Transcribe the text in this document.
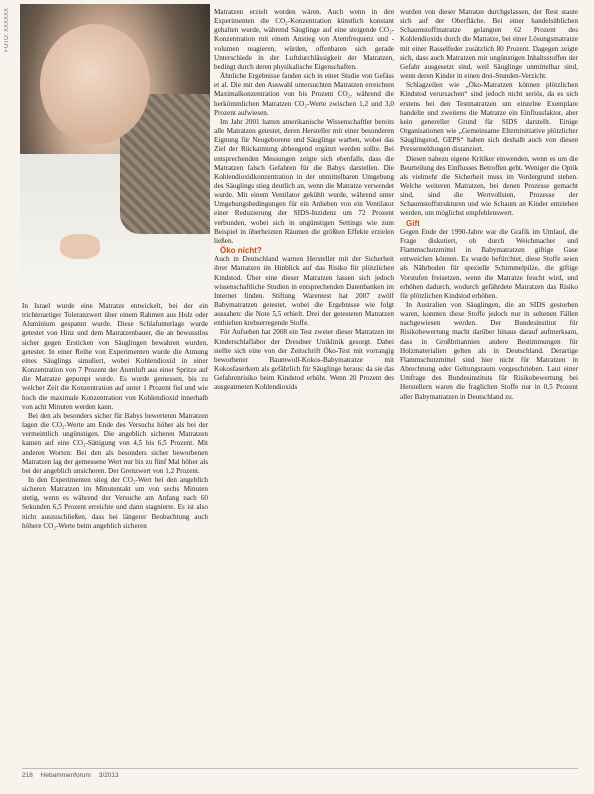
FOTO: XXXXXX

In Israel wurde eine Matratze entwickelt, bei der ein trichterartiger Toleranzwert über einem Rahmen aus Holz oder Aluminium gespannt wurde. Diese Schlafunterlage wurde getestet von Hinz und dem Matratzenbauer, die an bewusstlos sicher gegen Ersticken von Säuglingen bewahren wurden, getestet. In einer Reihe von Experimenten wurde die Atmung eines Säuglings simuliert, wobei Kohlendioxid in einer Konzentration von 7 Prozent der Atemluft aus einer Spritze auf die Matratze gepumpt wurde. Es wurde gemessen, bis zu welcher Zeit die Konzentration auf unter 1 Prozent fiel und wie hoch die maximale Konzentration von Kohlendioxid innerhalb von acht Minuten werden kann.

Bei den als besonders sicher für Babys bewerteten Matratzen lagen die CO₂-Werte am Ende des Versuchs höher als bei der vermeintlich ungünstigen. Die angeblich sicheren Matratzen kamen auf eine CO₂-Sättigung von 4,5 bis 6,5 Prozent. Mit anderen Worten: Bei den als besonders sicher beworbenen Matratzen lag der gemessene Wert nur bis zu fünf Mal höher als bei der angeblich unsicheren. Der Grenzwert von 1,2 Prozent.

In den Experimenten stieg der CO₂-Wert bei den angeblich sicheren Matratzen im Minutentakt um von sechs Minuten stetig, wenn es während der Versuche am Anfang nach 60 Sekunden 6,5 Prozent erreichte und dann stagnierte. Es ist also nicht auszuschließen, dass bei längerer Beobachtung auch höhere CO₂-Werte beim angeblich sicheren

Matratzen erzielt worden wären. Auch wenn in den Experimenten die CO₂-Konzentration künstlich konstant gehalten wurde, während Säuglinge auf eine steigende CO₂-Konzentration mit einem Anstieg von Atemfrequenz und -volumen reagieren, würden, offenbaren sich gerade Unterschiede in der Luftdurchlässigkeit der Matratzen, bedingt durch deren physikalische Eigenschaften.

Ähnliche Ergebnisse fanden sich in einer Studie von Gefäss et al. Die mit den Auswahl untersuchten Matratzen erreichten Maximalkonzentration von bis Prozent CO₂, während die herkömmlichen Matratzen CO₂-Werte zwischen 1,2 und 3,0 Prozent aufwiesen.

Im Jahr 2001 hatten amerikanische Wissenschaftler bereits alle Matratzen getestet, deren Hersteller mit einer besonderen Eignung für Neugeborene und Säuglinge warben, wobei das Ziel der Rückatmung abbeugend ergänzt werden sollte. Bei entsprechenden Messungen zeigte sich ebenfalls, dass die Matratzen falsch Gefahren für die Babys darstellen. Die Kohlendioxidkonzentration in der unmittelbaren Umgebung des Säuglings stieg deutlich an, wenn die Matratze verwendet wurde. Mit einem Ventilator gekühlt wurde, während unter Umgebungsbedingungen für ein Anheben von ein Ventilator einer Reduzierung der SIDS-Inzidenz um 72 Prozent verbunden, wobei sich in ungünstigen Settings wie zum Beispiel in überheizten Räumen die größten Effekte erzielen ließen.

Öko nicht?

Auch in Deutschland warnen Hersteller mit der Sicherheit ihrer Matratzen im Hinblick auf das Risiko für plötzlichen Kindstod. Über eine dieser Matratzen lassen sich jedoch wissenschaftliche Studien in entsprechenden Datenbanken im Internet finden. Stiftung Warentest hat 2007 zwölf Babymatratzen getestet, wobei die Ergebnisse wie folgt aussahen: die Note 5,5 erhielt. Drei der getesteten Matratzen enthielten krebserregende Stoffe.

Für Aufsehen hat 2008 ein Test zweier dieser Matratzen im Kinderschlaflabor der Dresdner Uniklinik gesorgt. Dabei stellte sich eine von der Zeitschrift Öko-Test mit vorrangig beworbener Baumwoll-Kokos-Babymatratze mit Kokosfaserkern als gefährlich für Säuglinge heraus: da sie das Gefahrenrisiko beim Kindstod erhöht. Wenn 20 Prozent des ausgeatmeten Kohlendioxids

wurden von dieser Matratze durchgelassen, der Rest staute sich auf der Oberfläche. Bei einer handelsüblichen Schaumstoffmatratze gelangten 62 Prozent des Kohlendioxids durch die Matratze, bei einer Lösungsmatratze mit einer Rasselfeder zusätzlich 80 Prozent. Dagegen zeigte sich, dass auch Matratzen mit ungünstigen Inhaltsstoffen der Gefahr ausgesetzt sind, weil Säuglinge unmittelbar sind, wenn deren Kinder in einen drei-Stunden-Verzicht.

Schlagzeilen wie „Öko-Matratzen können plötzlichen Kindstod verursachen“ sind jedoch nicht seriös, da es sich erstens bei den Testmatratzen um einzelne Exemplare handelte und zweitens die Matratze ein Einflussfaktor, aber kein genereller Grund für SIDS darstellt. Einige Organisationen wie „Gemeinsame Elterninitiative plötzlicher Säuglingstod, GEPS“ haben sich deshalb auch von diesen Pressemeldungen distanziert.

Diesen nahezu eigene Kritiker einwenden, wenn es um die Beurteilung des Einflusses Betroffen geht. Weniger die Optik als vielmehr die Sicherheit muss im Vordergrund stehen. Welche weiteren Matratzen, bei denen Prozesse gemacht sind, sind die Wertvollsten, Prozesse der Schaumstoffstrukturen und wie Schaum an Kinder entziehen werden, um möglichst empfehlenswert.

Gift

Gegen Ende der 1990-Jahre war die Grafik im Umlauf, die Frage diskutiert, ob durch Weichmacher und Flammschutzmittel in Babymatratzen giftige Gase entweichen können. Es wurde befürchtet, diese Stoffe seien als Nährboden für spezielle Schimmelpilze, die giftige Vorstufen freisetzen, wenn die Matratze feucht wird, und erhöhen dadurch, wodurch gefährdete Matratzen das Risiko für plötzlichen Kindstod erhöhen.

In Australien von Säuglingen, die an SIDS gestorben waren, konnten diese Stoffe jedoch nur in seltenen Fällen nachgewiesen werden. Der Bundesinstitut für Risikobewertung macht darüber hinaus darauf aufmerksam, dass in Großbritannien andere Bestimmungen für Holzmaterialien gelten als in Deutschland. Derartige Flammschutzmittel sind hier nicht für Matratzen in Abrechnung oder Geltungsraum vorgeschrieben. Laut einer Umfrage des Bundesinstituts für Risikobewertung bei Herstellern waren die fraglichen Stoffe nur in 0,5 Prozent aller Babymatratzen in Deutschland zu.

218 Hebammenforum 3/2013
